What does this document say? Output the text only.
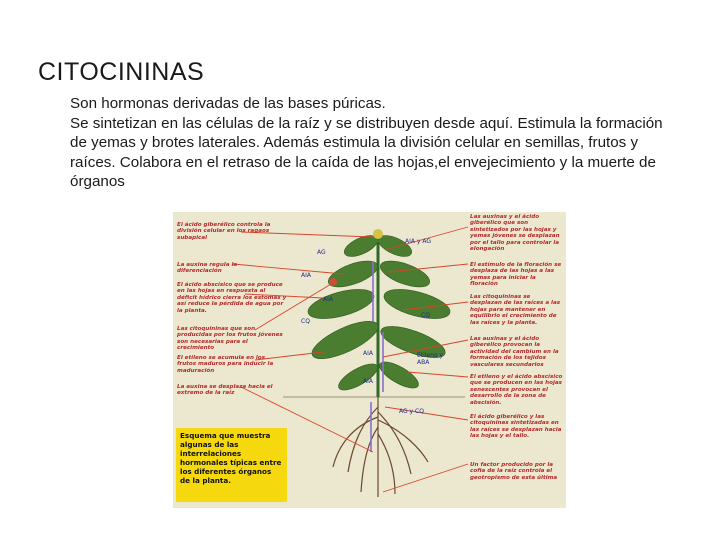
CITOCININAS

Son hormonas derivadas de las bases púricas.

Se sintetizan en las células de la raíz y se distribuyen desde aquí. Estimula la formación de yemas y brotes laterales. Además estimula la división celular en semillas, frutos y raíces. Colabora en el retraso de la caída de las hojas,el envejecimiento y la muerte de órganos

El ácido giberélico controla la división celular en los ragaos subapical
La auxina regula la diferenciación
El ácido abscísico que se produce en las hojas en respuesta al déficit hídrico cierra los estomas y así reduce la pérdida de agua por la planta.
Las citoquininas que son producidas por los frutos jóvenes son necesarias para el crecimiento
El etileno se acumula en los frutos maduros para inducir la maduración
La auxina se desplaza hacia el extremo de la raíz
Las auxinas y el ácido giberélico que son sintetizados por las hojas y yemas jóvenes se desplazan por el tallo para controlar la elongación
El estímulo de la floración se desplaza de las hojas a las yemas para iniciar la floración
Las citoquininas se desplazan de las raíces a las hojas para mantener en equilibrio el crecimiento de las raíces y la planta.
Las auxinas y el ácido giberélico provocan la actividad del cambium en la formación de los tejidos vasculares secundarios
El etileno y el ácido abscísico que se producen en las hojas senescentes provocan el desarrollo de la zona de abscisión.
El ácido giberélico y las citoquininas sintetizadas en las raíces se desplazan hacia las hojas y el tallo.
Un factor producido por la cofia de la raíz controla el geotropismo de esta última
AG
AIA y AG
AIA
AIA
CQ
CQ
AIA
AIA
Etileno y ABA
AG y CQ
Esquema que muestra algunas de las interrelaciones hormonales típicas entre los diferentes órganos de la planta.
